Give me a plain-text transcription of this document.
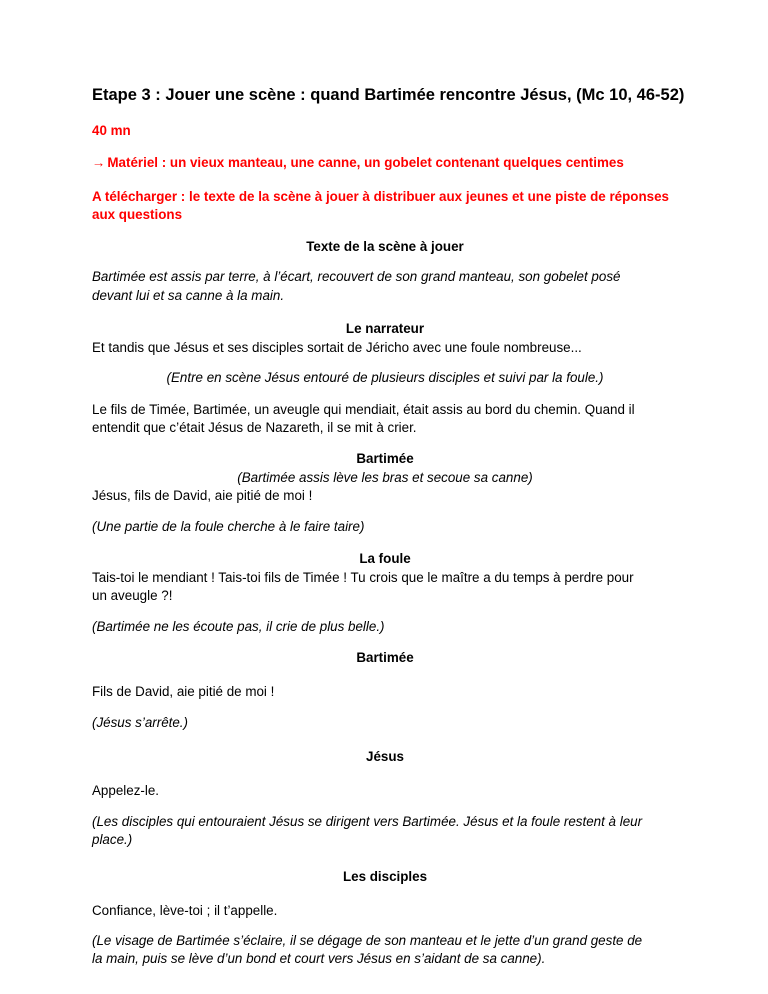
Etape 3 : Jouer une scène : quand Bartimée rencontre Jésus, (Mc 10, 46-52)
40 mn
→ Matériel : un vieux manteau, une canne, un gobelet contenant quelques centimes
A télécharger : le texte de la scène à jouer à distribuer aux jeunes et une piste de réponses
aux questions
Texte de la scène à jouer
Bartimée est assis par terre, à l’écart, recouvert de son grand manteau, son gobelet posé
devant lui et sa canne à la main.
Le narrateur
Et tandis que Jésus et ses disciples sortait de Jéricho avec une foule nombreuse...
(Entre en scène Jésus entouré de plusieurs disciples et suivi par la foule.)
Le fils de Timée, Bartimée, un aveugle qui mendiait, était assis au bord du chemin. Quand il
entendit que c’était Jésus de Nazareth, il se mit à crier.
Bartimée
(Bartimée assis lève les bras et secoue sa canne)
Jésus, fils de David, aie pitié de moi !
(Une partie de la foule cherche à le faire taire)
La foule
Tais-toi le mendiant ! Tais-toi fils de Timée ! Tu crois que le maître a du temps à perdre pour
un aveugle ?!
(Bartimée ne les écoute pas, il crie de plus belle.)
Bartimée
Fils de David, aie pitié de moi !
(Jésus s’arrête.)
Jésus
Appelez-le.
(Les disciples qui entouraient Jésus se dirigent vers Bartimée. Jésus et la foule restent à leur
place.)
Les disciples
Confiance, lève-toi ; il t’appelle.
(Le visage de Bartimée s’éclaire, il se dégage de son manteau et le jette d’un grand geste de
la main, puis se lève d’un bond et court vers Jésus en s’aidant de sa canne).
